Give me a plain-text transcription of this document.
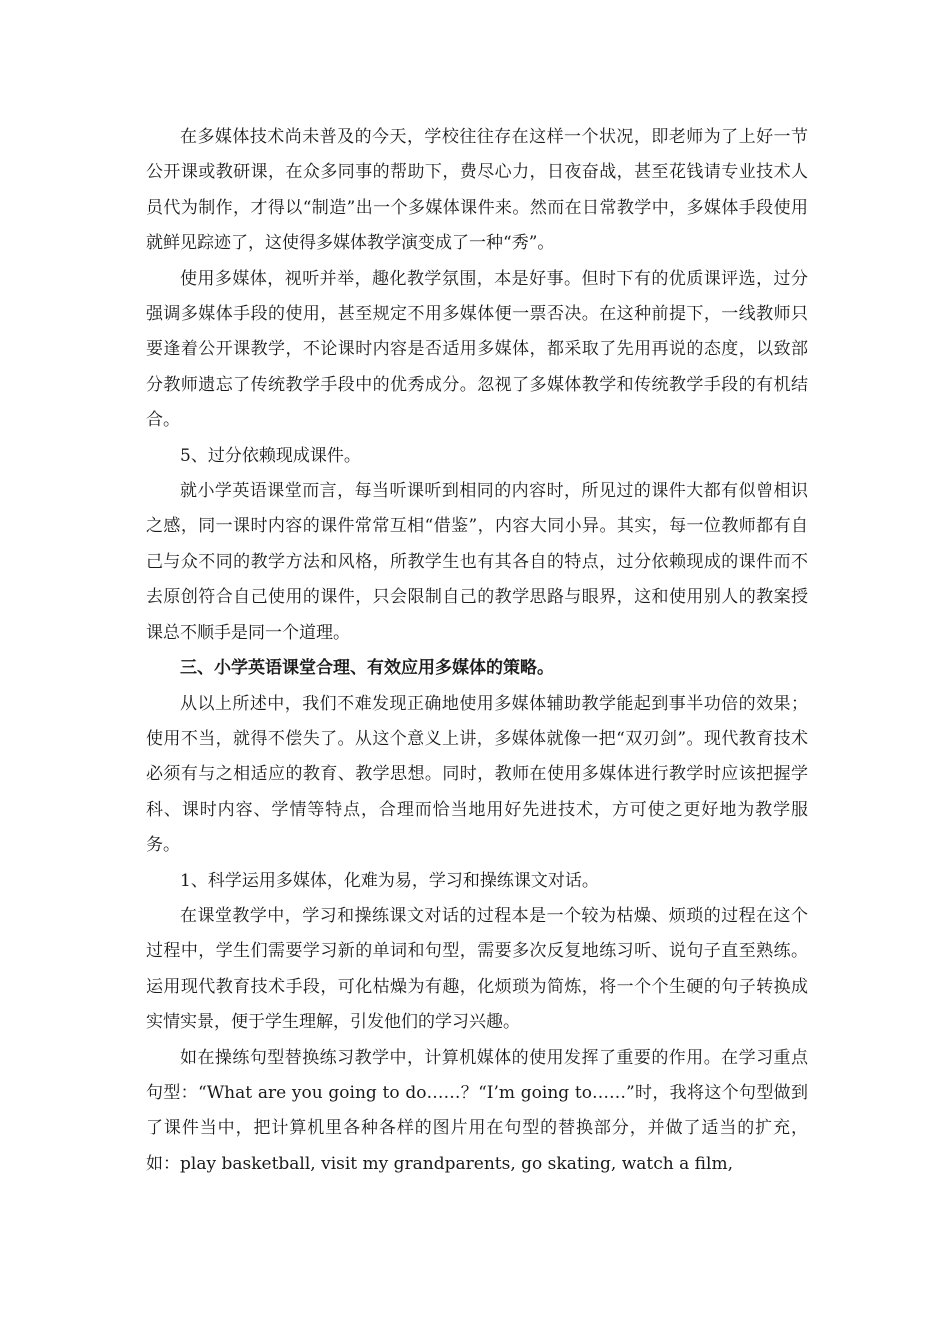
在多媒体技术尚未普及的今天，学校往往存在这样一个状况，即老师为了上好一节公开课或教研课，在众多同事的帮助下，费尽心力，日夜奋战，甚至花钱请专业技术人员代为制作，才得以“制造”出一个多媒体课件来。然而在日常教学中，多媒体手段使用就鲜见踪迹了，这使得多媒体教学演变成了一种“秀”。

使用多媒体，视听并举，趣化教学氛围，本是好事。但时下有的优质课评选，过分强调多媒体手段的使用，甚至规定不用多媒体便一票否决。在这种前提下，一线教师只要逢着公开课教学，不论课时内容是否适用多媒体，都采取了先用再说的态度，以致部分教师遗忘了传统教学手段中的优秀成分。忽视了多媒体教学和传统教学手段的有机结合。

5、过分依赖现成课件。

就小学英语课堂而言，每当听课听到相同的内容时，所见过的课件大都有似曾相识之感，同一课时内容的课件常常互相“借鉴”，内容大同小异。其实，每一位教师都有自己与众不同的教学方法和风格，所教学生也有其各自的特点，过分依赖现成的课件而不去原创符合自己使用的课件，只会限制自己的教学思路与眼界，这和使用别人的教案授课总不顺手是同一个道理。

三、小学英语课堂合理、有效应用多媒体的策略。

从以上所述中，我们不难发现正确地使用多媒体辅助教学能起到事半功倍的效果；使用不当，就得不偿失了。从这个意义上讲，多媒体就像一把“双刃剑”。现代教育技术必须有与之相适应的教育、教学思想。同时，教师在使用多媒体进行教学时应该把握学科、课时内容、学情等特点，合理而恰当地用好先进技术，方可使之更好地为教学服务。

1、科学运用多媒体，化难为易，学习和操练课文对话。

在课堂教学中，学习和操练课文对话的过程本是一个较为枯燥、烦琐的过程在这个过程中，学生们需要学习新的单词和句型，需要多次反复地练习听、说句子直至熟练。运用现代教育技术手段，可化枯燥为有趣，化烦琐为简炼，将一个个生硬的句子转换成实情实景，便于学生理解，引发他们的学习兴趣。

如在操练句型替换练习教学中，计算机媒体的使用发挥了重要的作用。在学习重点句型：“What are you going to do……？“I’m going to……”时，我将这个句型做到了课件当中，把计算机里各种各样的图片用在句型的替换部分，并做了适当的扩充，如：play basketball, visit my grandparents, go skating, watch a film,
